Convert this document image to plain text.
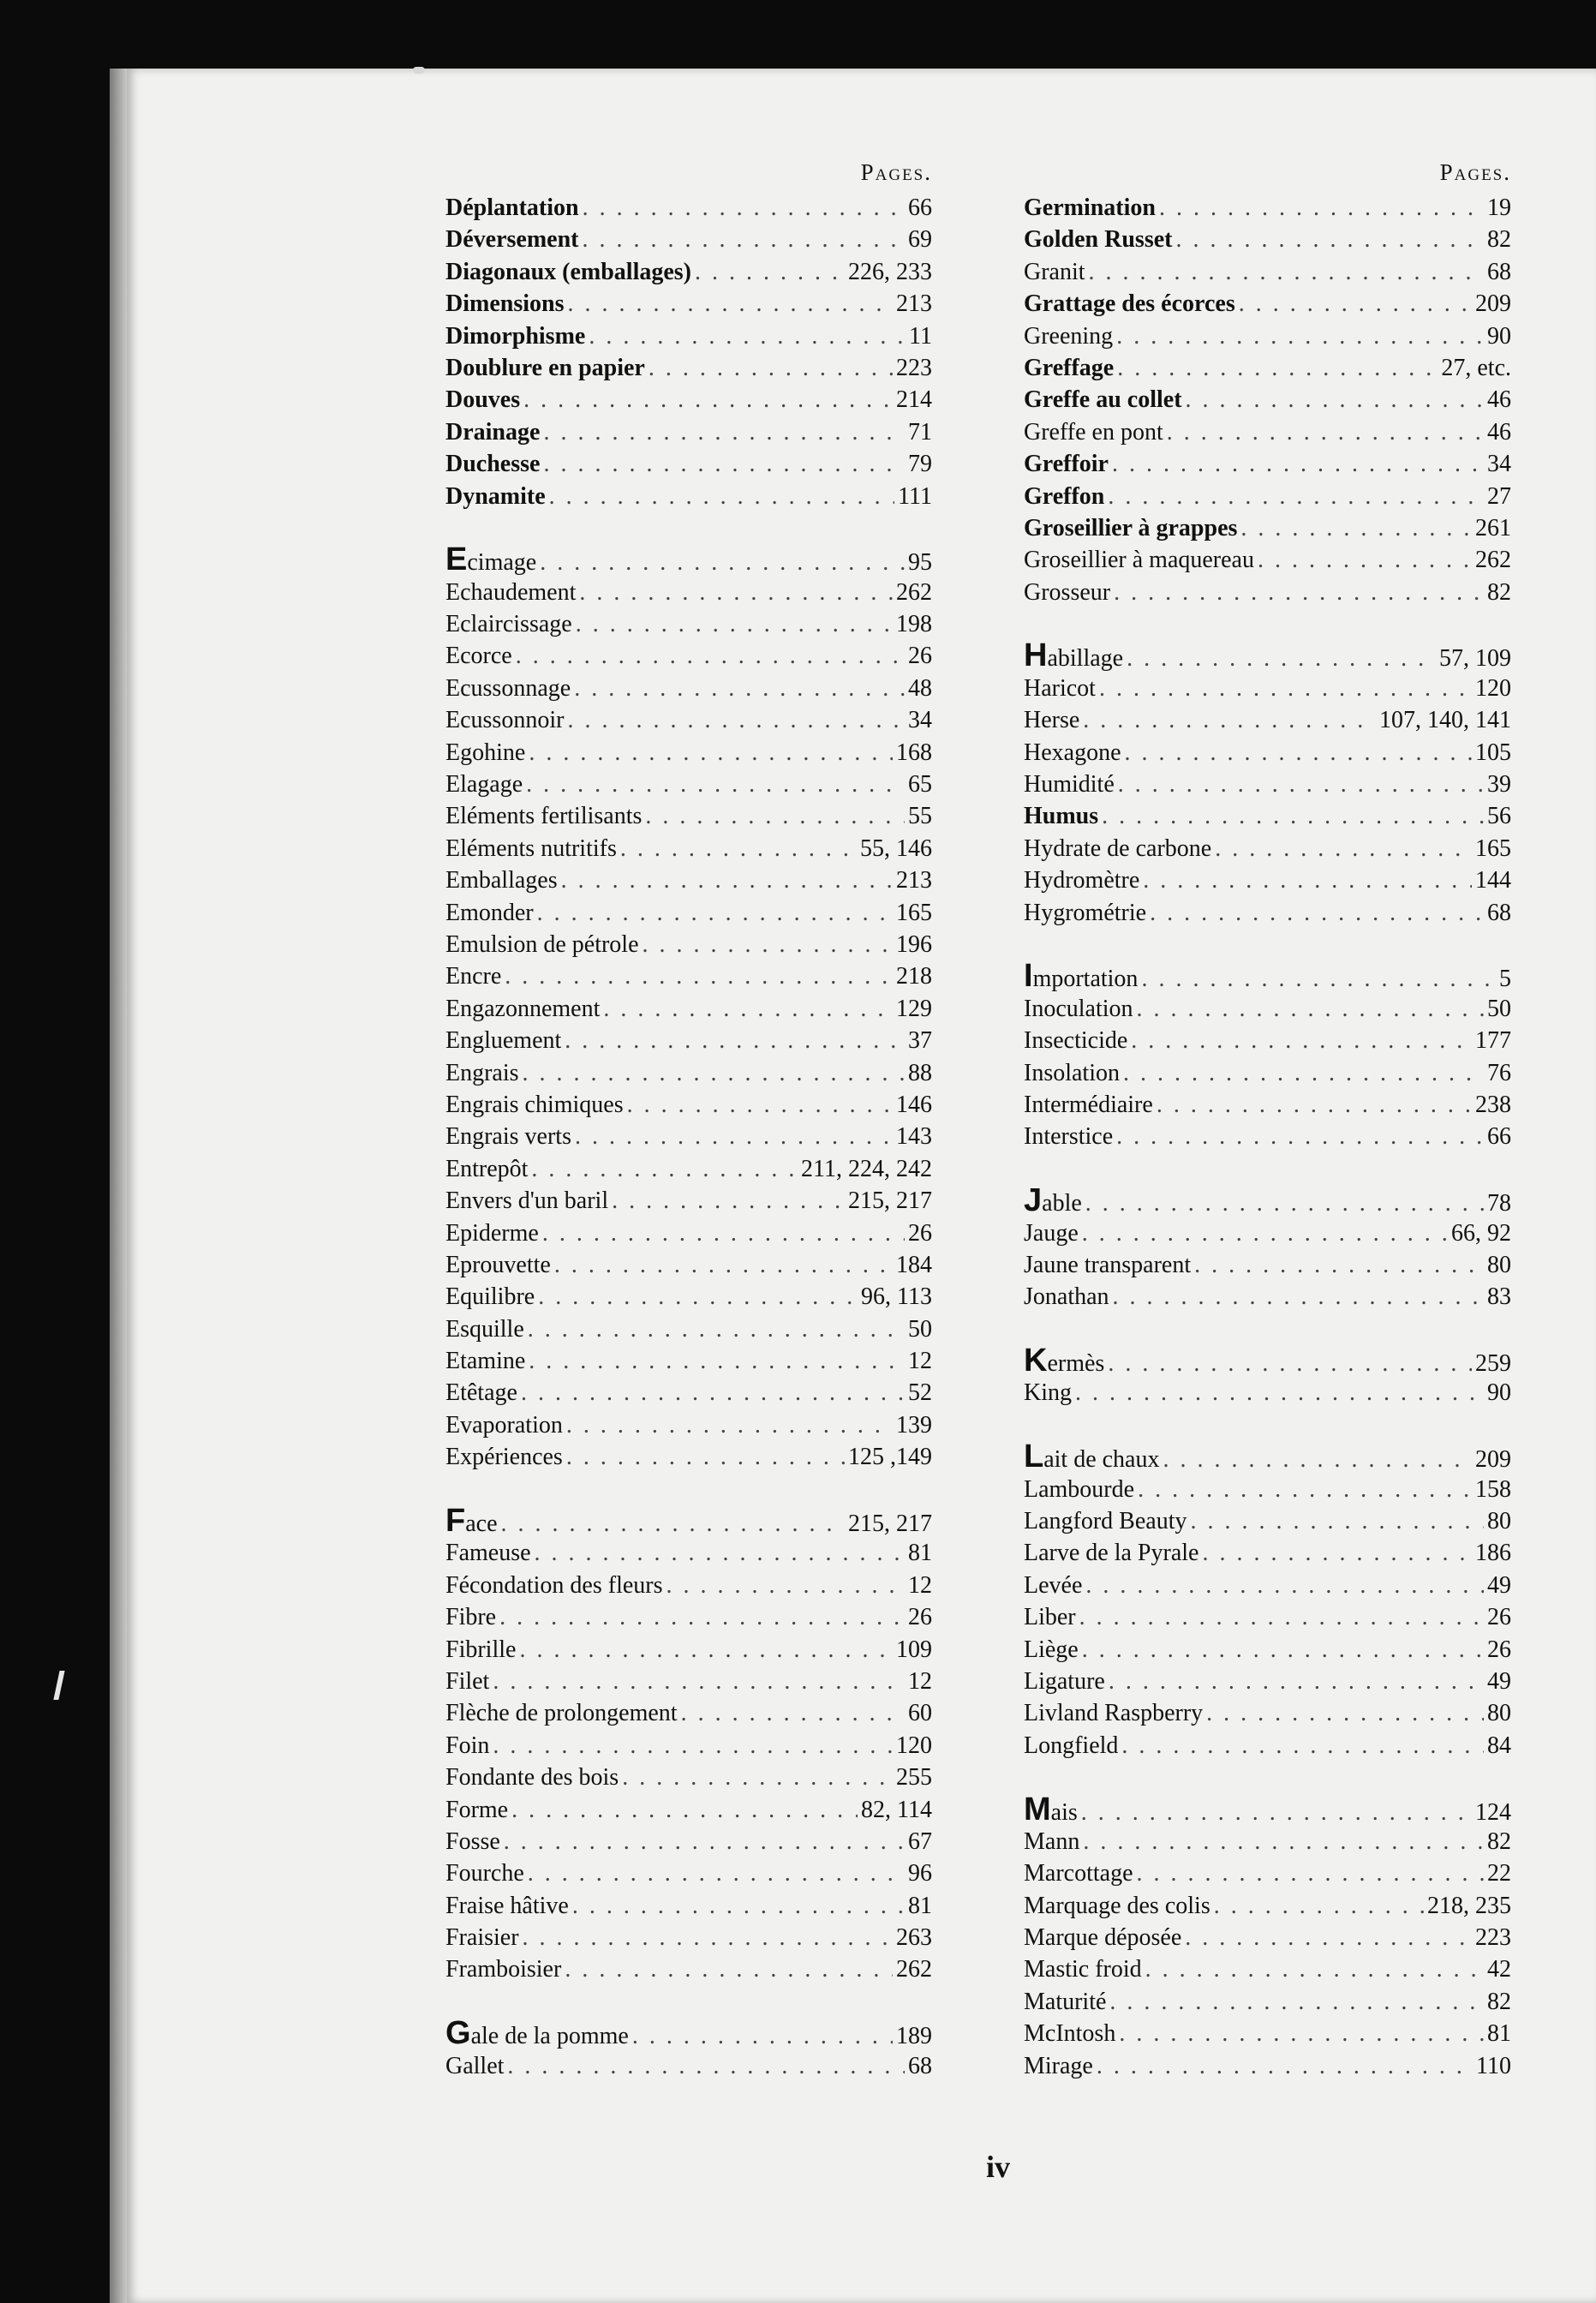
Pages.
Déplantation . . .	66
Déversement . . .	69
Diagonaux (emballages) . . .	226, 233
Dimensions . . .	213
Dimorphisme . . .	11
Doublure en papier . . .	223
Douves . . .	214
Drainage . . .	71
Duchesse . . .	79
Dynamite . . .	111
Ecimage . . .	95
Echaudement . . .	262
Eclaircissage . . .	198
Ecorce . . .	26
Ecussonnage . . .	48
Ecussonnoir . . .	34
Egohine . . .	168
Elagage . . .	65
Eléments fertilisants . . .	55
Eléments nutritifs . . .	55, 146
Emballages . . .	213
Emonder . . .	165
Emulsion de pétrole . . .	196
Encre . . .	218
Engazonnement . . .	129
Engluement . . .	37
Engrais . . .	88
Engrais chimiques . . .	146
Engrais verts . . .	143
Entrepôt . . .	211, 224, 242
Envers d'un baril . . .	215, 217
Epiderme . . .	26
Eprouvette . . .	184
Equilibre . . .	96, 113
Esquille . . .	50
Etamine . . .	12
Etêtage . . .	52
Evaporation . . .	139
Expériences . . .	125 ,149
Face . . .	215, 217
Fameuse . . .	81
Fécondation des fleurs . . .	12
Fibre . . .	26
Fibrille . . .	109
Filet . . .	12
Flèche de prolongement . . .	60
Foin . . .	120
Fondante des bois . . .	255
Forme . . .	82, 114
Fosse . . .	67
Fourche . . .	96
Fraise hâtive . . .	81
Fraisier . . .	263
Framboisier . . .	262
Gale de la pomme . . .	189
Gallet . . .	68
Pages.
Germination . . .	19
Golden Russet . . .	82
Granit . . .	68
Grattage des écorces . . .	209
Greening . . .	90
Greffage . . .	27, etc.
Greffe au collet . . .	46
Greffe en pont . . .	46
Greffoir . . .	34
Greffon . . .	27
Groseillier à grappes . . .	261
Groseillier à maquereau . . .	262
Grosseur . . .	82
Habillage . . .	57, 109
Haricot . . .	120
Herse . . .	107, 140, 141
Hexagone . . .	105
Humidité . . .	39
Humus . . .	56
Hydrate de carbone . . .	165
Hydromètre . . .	144
Hygrométrie . . .	68
Importation . . .	5
Inoculation . . .	50
Insecticide . . .	177
Insolation . . .	76
Intermédiaire . . .	238
Interstice . . .	66
Jable . . .	78
Jauge . . .	66, 92
Jaune transparent . . .	80
Jonathan . . .	83
Kermès . . .	259
King . . .	90
Lait de chaux . . .	209
Lambourde . . .	158
Langford Beauty . . .	80
Larve de la Pyrale . . .	186
Levée . . .	49
Liber . . .	26
Liège . . .	26
Ligature . . .	49
Livland Raspberry . . .	80
Longfield . . .	84
Mais . . .	124
Mann . . .	82
Marcottage . . .	22
Marquage des colis . . .	218, 235
Marque déposée . . .	223
Mastic froid . . .	42
Maturité . . .	82
McIntosh . . .	81
Mirage . . .	110
iv
